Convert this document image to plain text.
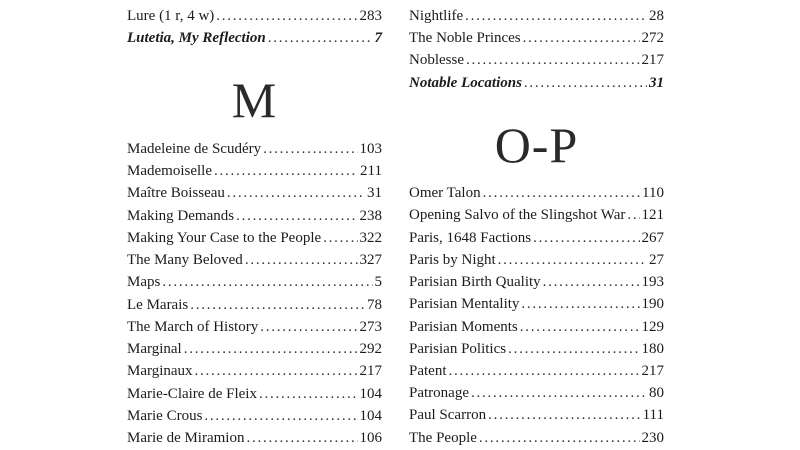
Lure (1 r, 4 w) . . .	283
Lutetia, My Reflection . . .	7
M
Madeleine de Scudéry . . .	103
Mademoiselle . . .	211
Maître Boisseau . . .	31
Making Demands . . .	238
Making Your Case to the People . . .	322
The Many Beloved . . .	327
Maps . . .	5
Le Marais . . .	78
The March of History . . .	273
Marginal . . .	292
Marginaux . . .	217
Marie-Claire de Fleix . . .	104
Marie Crous . . .	104
Marie de Miramion . . .	106
Nightlife . . .	28
The Noble Princes . . .	272
Noblesse . . .	217
Notable Locations . . .	31
O-P
Omer Talon . . .	110
Opening Salvo of the Slingshot War . . . 121
Paris, 1648 Factions . . .	267
Paris by Night . . .	27
Parisian Birth Quality . . .	193
Parisian Mentality . . .	190
Parisian Moments . . .	129
Parisian Politics . . .	180
Patent . . .	217
Patronage . . .	80
Paul Scarron . . .	111
The People . . .	230
